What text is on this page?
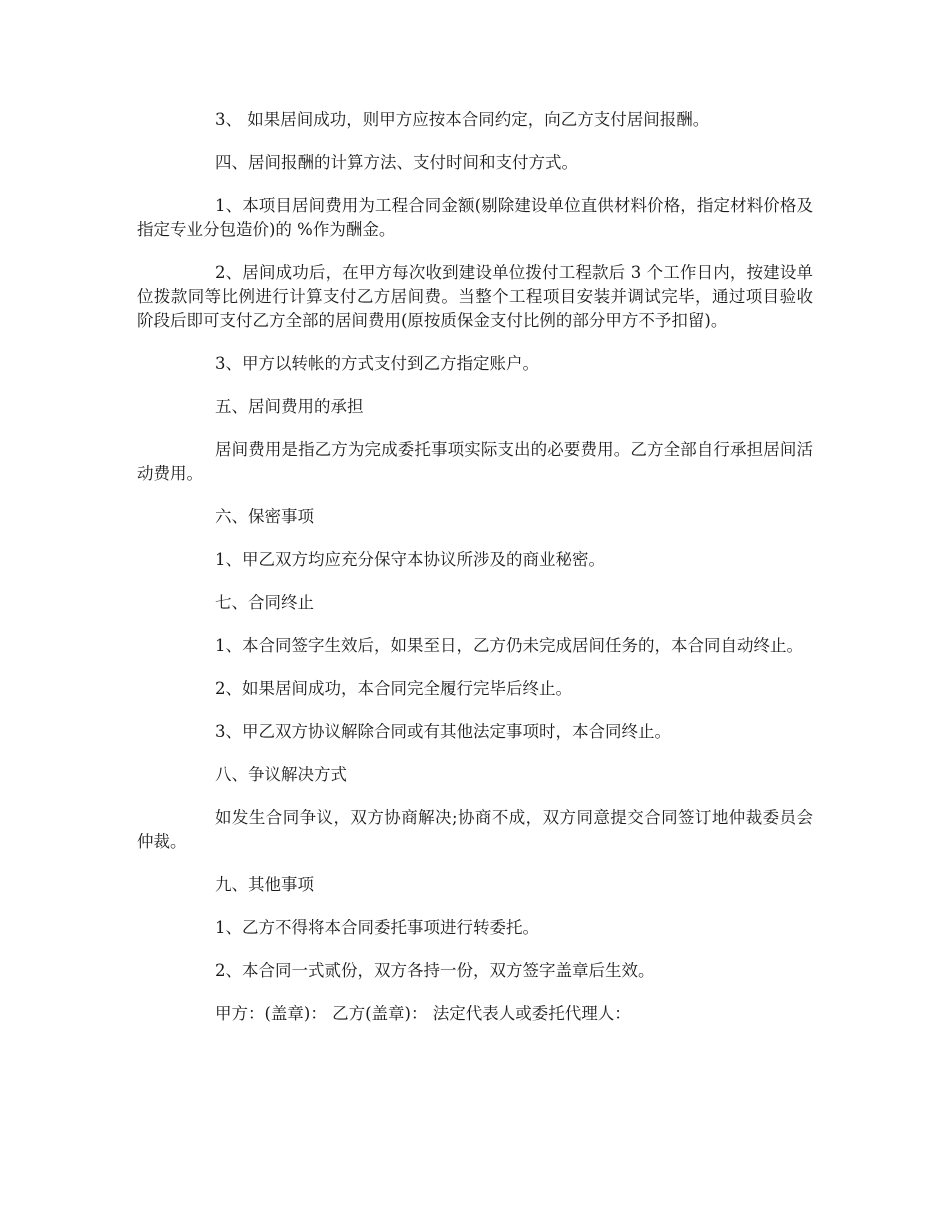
3、 如果居间成功，则甲方应按本合同约定，向乙方支付居间报酬。

四、居间报酬的计算方法、支付时间和支付方式。

1、本项目居间费用为工程合同金额(剔除建设单位直供材料价格，指定材料价格及指定专业分包造价)的 %作为酬金。

2、居间成功后，在甲方每次收到建设单位拨付工程款后 3 个工作日内，按建设单位拨款同等比例进行计算支付乙方居间费。当整个工程项目安装并调试完毕，通过项目验收阶段后即可支付乙方全部的居间费用(原按质保金支付比例的部分甲方不予扣留)。

3、甲方以转帐的方式支付到乙方指定账户。

五、居间费用的承担

居间费用是指乙方为完成委托事项实际支出的必要费用。乙方全部自行承担居间活动费用。

六、保密事项

1、甲乙双方均应充分保守本协议所涉及的商业秘密。

七、合同终止

1、本合同签字生效后，如果至日，乙方仍未完成居间任务的，本合同自动终止。

2、如果居间成功，本合同完全履行完毕后终止。

3、甲乙双方协议解除合同或有其他法定事项时，本合同终止。

八、争议解决方式

如发生合同争议，双方协商解决;协商不成，双方同意提交合同签订地仲裁委员会仲裁。

九、其他事项

1、乙方不得将本合同委托事项进行转委托。

2、本合同一式贰份，双方各持一份，双方签字盖章后生效。

甲方：(盖章)： 乙方(盖章)： 法定代表人或委托代理人：
